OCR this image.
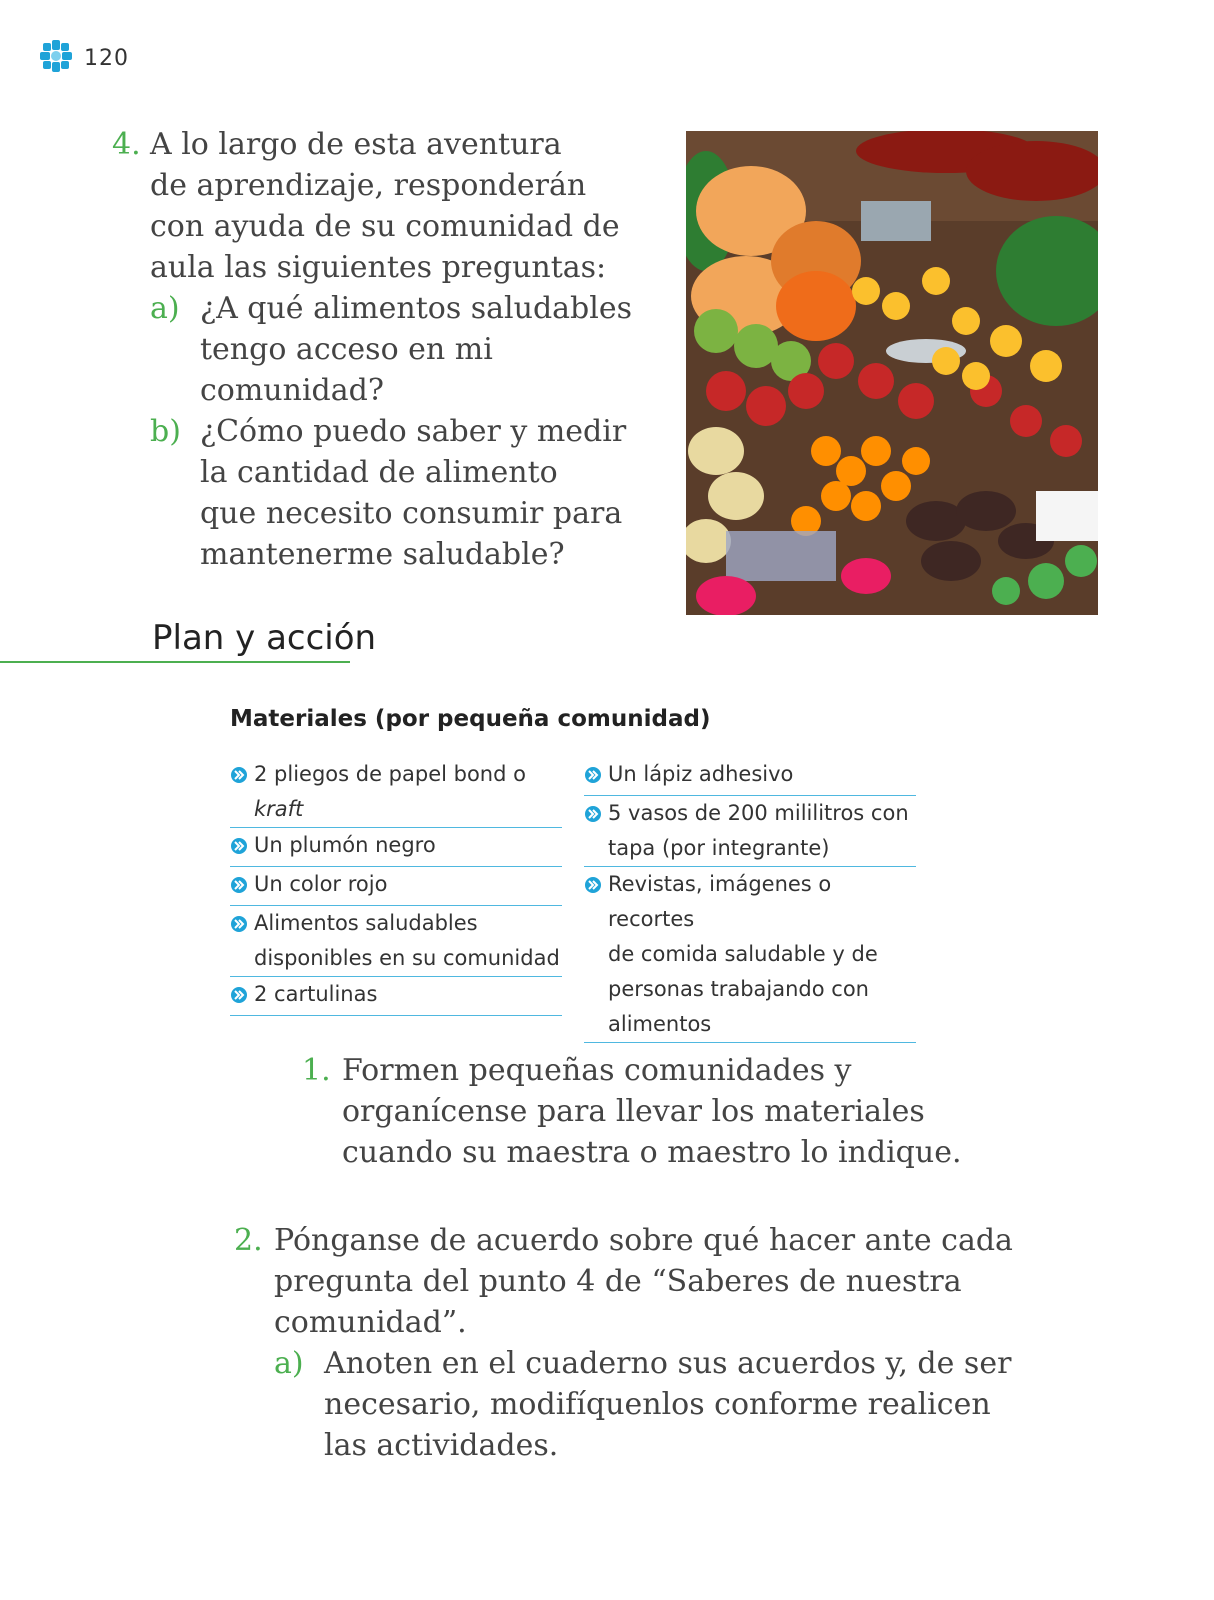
120
4. A lo largo de esta aventura
de aprendizaje, responderán
con ayuda de su comunidad de
aula las siguientes preguntas:
a) ¿A qué alimentos saludables
tengo acceso en mi
comunidad?
b) ¿Cómo puedo saber y medir
la cantidad de alimento
que necesito consumir para
mantenerme saludable?
Plan y acción
Materiales (por pequeña comunidad)
2 pliegos de papel bond o
kraft
Un plumón negro
Un color rojo
Alimentos saludables
disponibles en su comunidad
2 cartulinas
Un lápiz adhesivo
5 vasos de 200 mililitros con
tapa (por integrante)
Revistas, imágenes o recortes
de comida saludable y de
personas trabajando con
alimentos
1. Formen pequeñas comunidades y
organícense para llevar los materiales
cuando su maestra o maestro lo indique.
2. Pónganse de acuerdo sobre qué hacer ante cada
pregunta del punto 4 de “Saberes de nuestra
comunidad”.
a) Anoten en el cuaderno sus acuerdos y, de ser
necesario, modifíquenlos conforme realicen
las actividades.
